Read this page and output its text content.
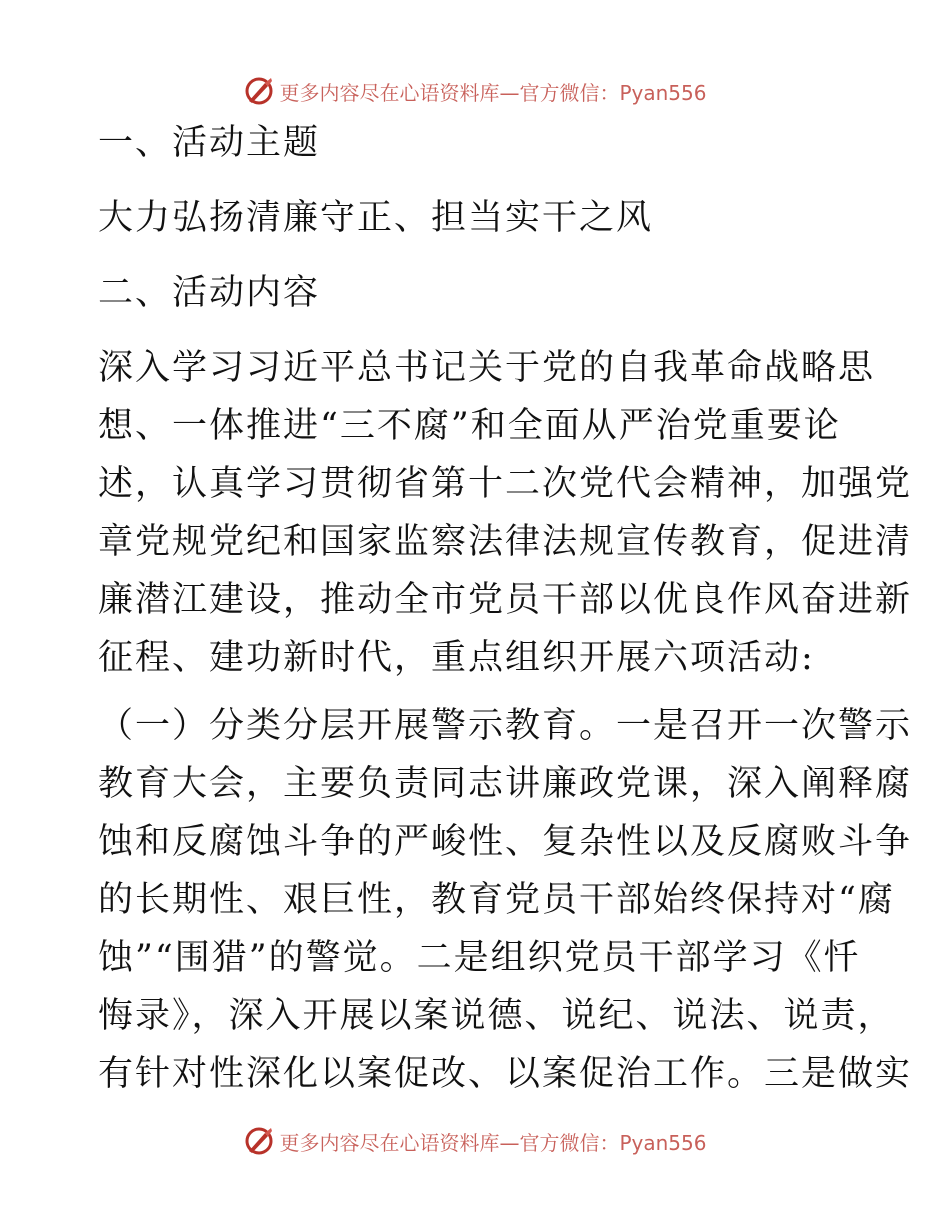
更多内容尽在心语资料库—官方微信：Pyan556
一、活动主题
大力弘扬清廉守正、担当实干之风
二、活动内容
深入学习习近平总书记关于党的自我革命战略思
想、一体推进“三不腐”和全面从严治党重要论
述，认真学习贯彻省第十二次党代会精神，加强党
章党规党纪和国家监察法律法规宣传教育，促进清
廉潜江建设，推动全市党员干部以优良作风奋进新
征程、建功新时代，重点组织开展六项活动:
（一）分类分层开展警示教育。一是召开一次警示
教育大会，主要负责同志讲廉政党课，深入阐释腐
蚀和反腐蚀斗争的严峻性、复杂性以及反腐败斗争
的长期性、艰巨性，教育党员干部始终保持对“腐
蚀”“围猎”的警觉。二是组织党员干部学习《忏
悔录》，深入开展以案说德、说纪、说法、说责，
有针对性深化以案促改、以案促治工作。三是做实
更多内容尽在心语资料库—官方微信：Pyan556
